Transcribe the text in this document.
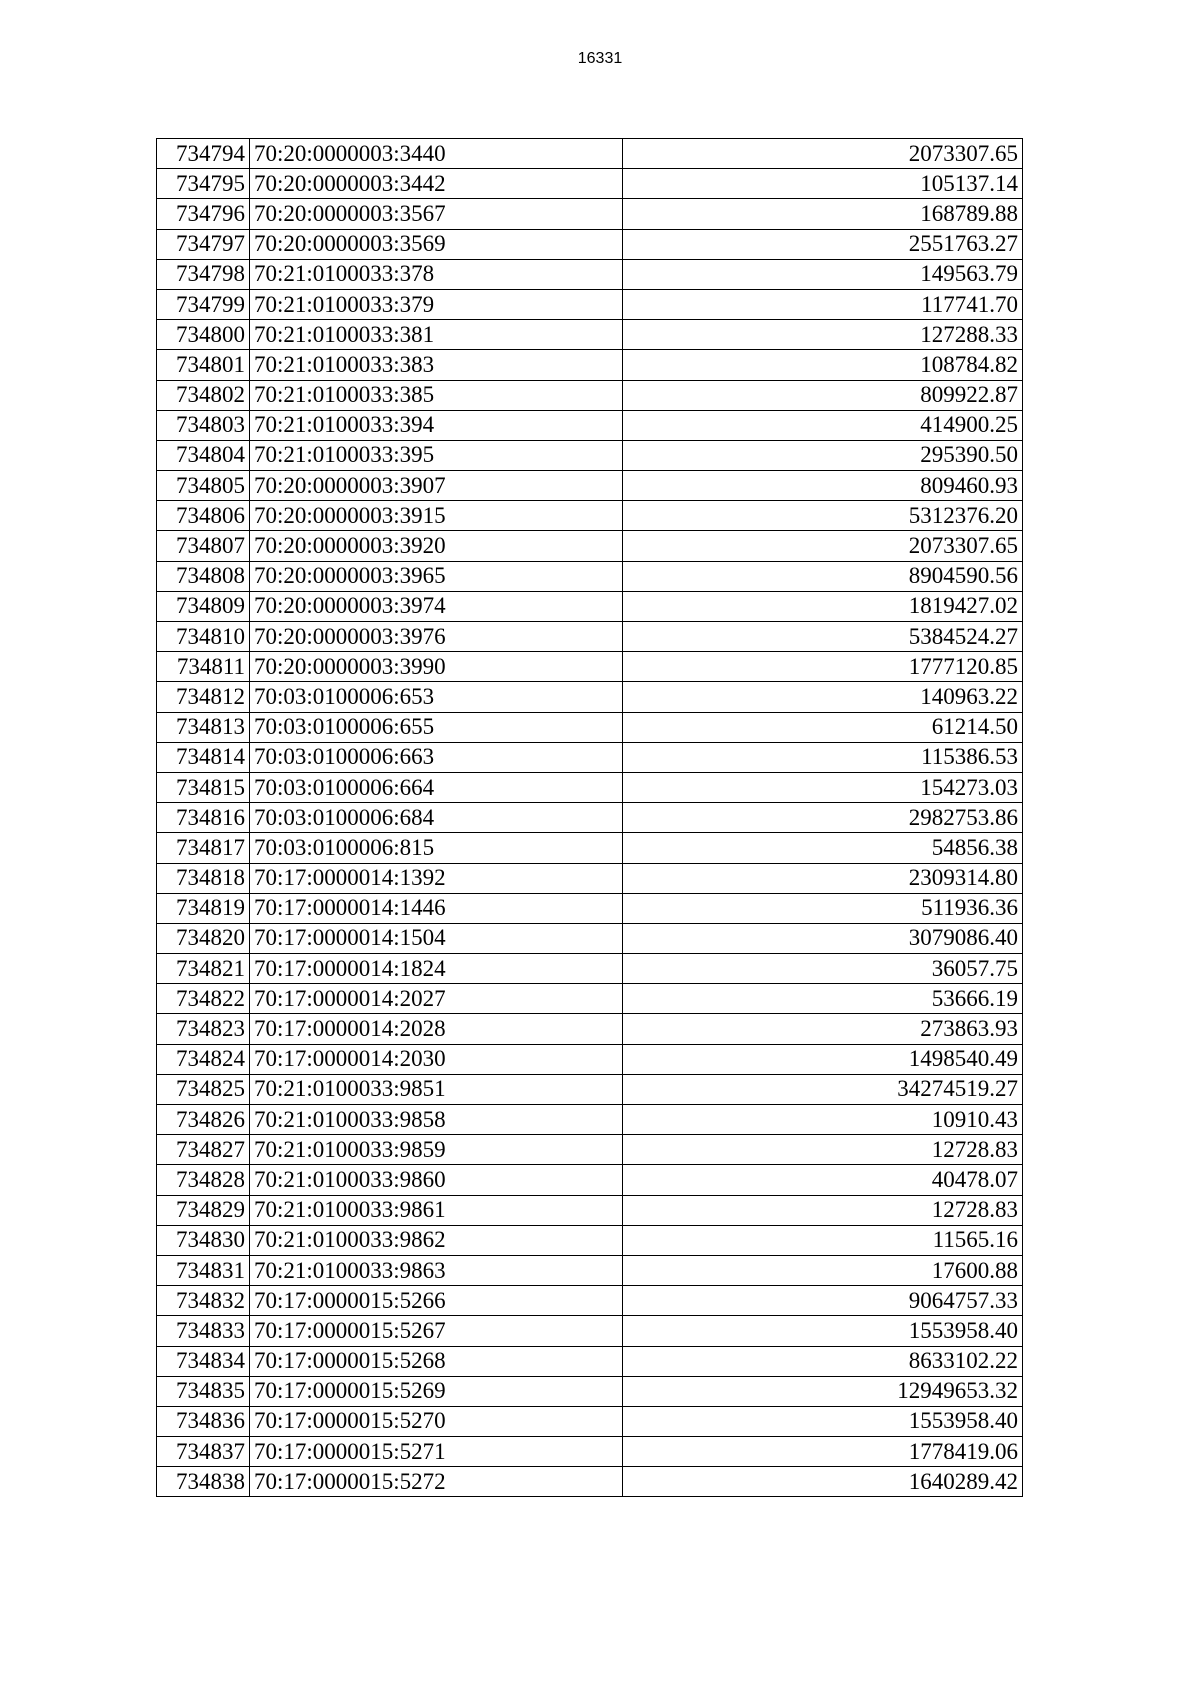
16331
734794	70:20:0000003:3440	2073307.65
734795	70:20:0000003:3442	105137.14
734796	70:20:0000003:3567	168789.88
734797	70:20:0000003:3569	2551763.27
734798	70:21:0100033:378	149563.79
734799	70:21:0100033:379	117741.70
734800	70:21:0100033:381	127288.33
734801	70:21:0100033:383	108784.82
734802	70:21:0100033:385	809922.87
734803	70:21:0100033:394	414900.25
734804	70:21:0100033:395	295390.50
734805	70:20:0000003:3907	809460.93
734806	70:20:0000003:3915	5312376.20
734807	70:20:0000003:3920	2073307.65
734808	70:20:0000003:3965	8904590.56
734809	70:20:0000003:3974	1819427.02
734810	70:20:0000003:3976	5384524.27
734811	70:20:0000003:3990	1777120.85
734812	70:03:0100006:653	140963.22
734813	70:03:0100006:655	61214.50
734814	70:03:0100006:663	115386.53
734815	70:03:0100006:664	154273.03
734816	70:03:0100006:684	2982753.86
734817	70:03:0100006:815	54856.38
734818	70:17:0000014:1392	2309314.80
734819	70:17:0000014:1446	511936.36
734820	70:17:0000014:1504	3079086.40
734821	70:17:0000014:1824	36057.75
734822	70:17:0000014:2027	53666.19
734823	70:17:0000014:2028	273863.93
734824	70:17:0000014:2030	1498540.49
734825	70:21:0100033:9851	34274519.27
734826	70:21:0100033:9858	10910.43
734827	70:21:0100033:9859	12728.83
734828	70:21:0100033:9860	40478.07
734829	70:21:0100033:9861	12728.83
734830	70:21:0100033:9862	11565.16
734831	70:21:0100033:9863	17600.88
734832	70:17:0000015:5266	9064757.33
734833	70:17:0000015:5267	1553958.40
734834	70:17:0000015:5268	8633102.22
734835	70:17:0000015:5269	12949653.32
734836	70:17:0000015:5270	1553958.40
734837	70:17:0000015:5271	1778419.06
734838	70:17:0000015:5272	1640289.42
